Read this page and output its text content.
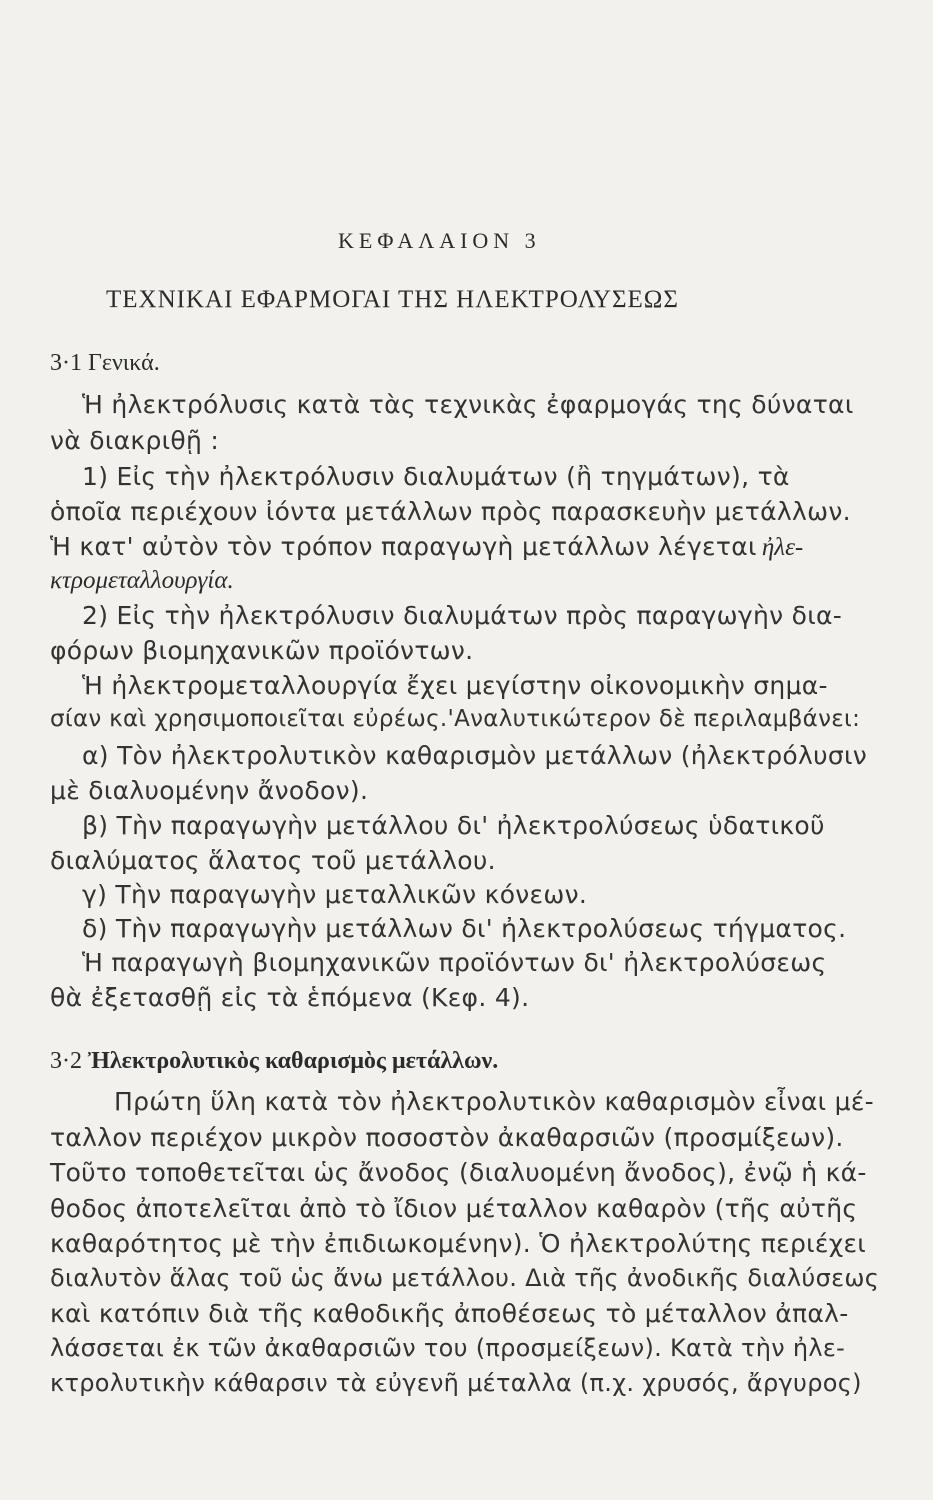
ΚΕΦΑΛΑΙΟΝ 3

ΤΕΧΝΙΚΑΙ ΕΦΑΡΜΟΓΑΙ ΤΗΣ ΗΛΕΚΤΡΟΛΥΣΕΩΣ

3·1 Γενικά.

Ἡ ἠλεκτρόλυσις κατὰ τὰς τεχνικὰς ἐφαρμογάς της δύναται

νὰ διακριθῇ :

1) Εἰς τὴν ἠλεκτρόλυσιν διαλυμάτων (ἢ τηγμάτων), τὰ

ὁποῖα περιέχουν ἰόντα μετάλλων πρὸς παρασκευὴν μετάλλων.

Ἡ κατ' αὐτὸν τὸν τρόπον παραγωγὴ μετάλλων λέγεται ἠλε-

κτρομεταλλουργία.

2) Εἰς τὴν ἠλεκτρόλυσιν διαλυμάτων πρὸς παραγωγὴν δια-

φόρων βιομηχανικῶν προϊόντων.

Ἡ ἠλεκτρομεταλλουργία ἔχει μεγίστην οἰκονομικὴν σημα-

σίαν καὶ χρησιμοποιεῖται εὐρέως.'Αναλυτικώτερον δὲ περιλαμβάνει:

α) Τὸν ἠλεκτρολυτικὸν καθαρισμὸν μετάλλων (ἠλεκτρόλυσιν

μὲ διαλυομένην ἄνοδον).

β) Τὴν παραγωγὴν μετάλλου δι' ἠλεκτρολύσεως ὑδατικοῦ

διαλύματος ἅλατος τοῦ μετάλλου.

γ) Τὴν παραγωγὴν μεταλλικῶν κόνεων.

δ) Τὴν παραγωγὴν μετάλλων δι' ἠλεκτρολύσεως τήγματος.

Ἡ παραγωγὴ βιομηχανικῶν προϊόντων δι' ἠλεκτρολύσεως

θὰ ἐξετασθῇ εἰς τὰ ἑπόμενα (Κεφ. 4).

3·2 Ἠλεκτρολυτικὸς καθαρισμὸς μετάλλων.

Πρώτη ὕλη κατὰ τὸν ἠλεκτρολυτικὸν καθαρισμὸν εἶναι μέ-

ταλλον περιέχον μικρὸν ποσοστὸν ἀκαθαρσιῶν (προσμίξεων).

Τοῦτο τοποθετεῖται ὡς ἄνοδος (διαλυομένη ἄνοδος), ἐνῷ ἡ κά-

θοδος ἀποτελεῖται ἀπὸ τὸ ἴδιον μέταλλον καθαρὸν (τῆς αὐτῆς

καθαρότητος μὲ τὴν ἐπιδιωκομένην). Ὁ ἠλεκτρολύτης περιέχει

διαλυτὸν ἅλας τοῦ ὡς ἄνω μετάλλου. Διὰ τῆς ἀνοδικῆς διαλύσεως

καὶ κατόπιν διὰ τῆς καθοδικῆς ἀποθέσεως τὸ μέταλλον ἀπαλ-

λάσσεται ἐκ τῶν ἀκαθαρσιῶν του (προσμείξεων). Κατὰ τὴν ἠλε-

κτρολυτικὴν κάθαρσιν τὰ εὐγενῆ μέταλλα (π.χ. χρυσός, ἄργυρος)
